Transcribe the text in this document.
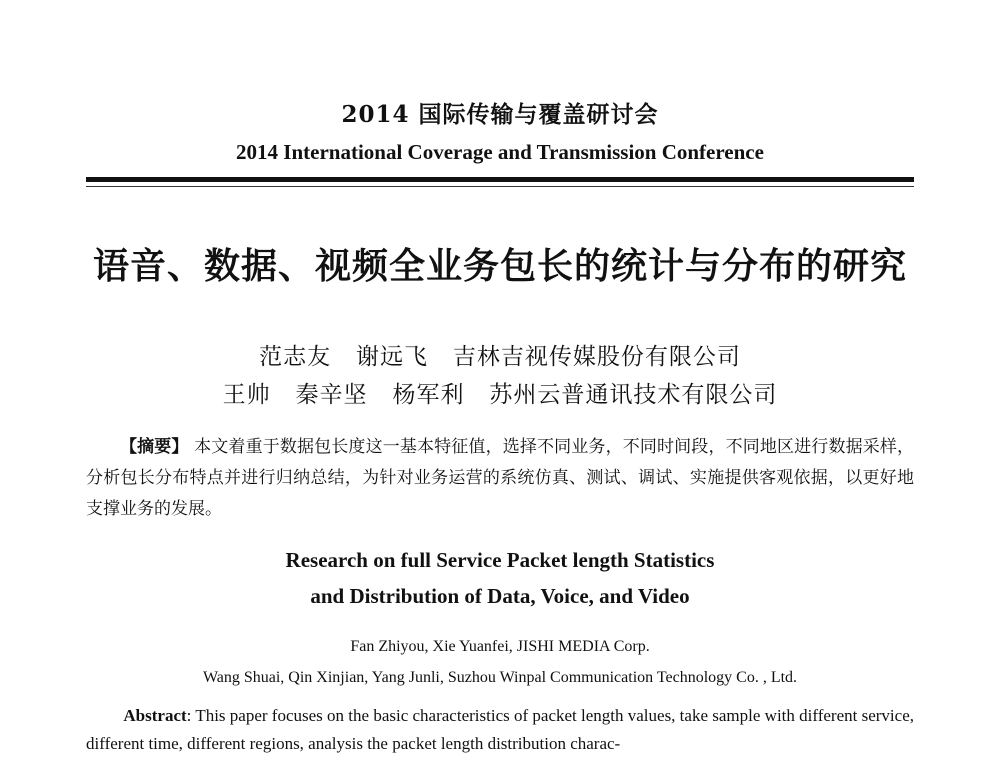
2014 国际传输与覆盖研讨会
2014 International Coverage and Transmission Conference
语音、数据、视频全业务包长的统计与分布的研究
范志友   谢远飞   吉林吉视传媒股份有限公司
王帅   秦辛坚   杨军利   苏州云普通讯技术有限公司

【摘要】 本文着重于数据包长度这一基本特征值，选择不同业务，不同时间段，不同地区进行数据采样，分析包长分布特点并进行归纳总结，为针对业务运营的系统仿真、测试、调试、实施提供客观依据，以更好地支撑业务的发展。

Research on full Service Packet length Statistics
and Distribution of Data, Voice, and Video
Fan Zhiyou, Xie Yuanfei, JISHI MEDIA Corp.
Wang Shuai, Qin Xinjian, Yang Junli, Suzhou Winpal Communication Technology Co. , Ltd.

Abstract: This paper focuses on the basic characteristics of packet length values, take sample with different service, different time, different regions, analysis the packet length distribution charac-
